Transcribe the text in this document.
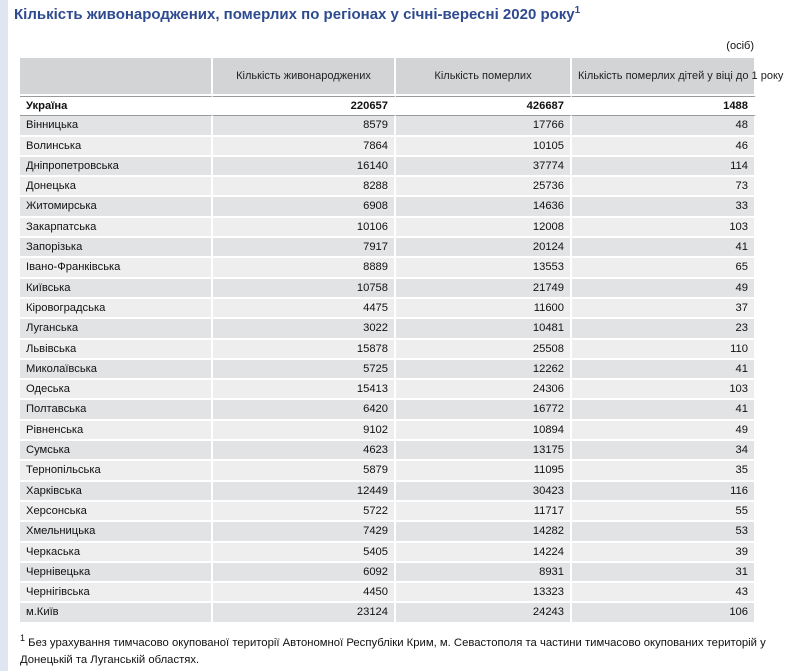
Кількість живонароджених, померлих по регіонах у січні-вересні 2020 року$^1$
(осіб)
	Кількість живонароджених	Кількість померлих	Кількість померлих дітей у віці до 1 року
Україна	220657	426687	1488
Вінницька	8579	17766	48
Волинська	7864	10105	46
Дніпропетровська	16140	37774	114
Донецька	8288	25736	73
Житомирська	6908	14636	33
Закарпатська	10106	12008	103
Запорізька	7917	20124	41
Івано-Франківська	8889	13553	65
Київська	10758	21749	49
Кіровоградська	4475	11600	37
Луганська	3022	10481	23
Львівська	15878	25508	110
Миколаївська	5725	12262	41
Одеська	15413	24306	103
Полтавська	6420	16772	41
Рівненська	9102	10894	49
Сумська	4623	13175	34
Тернопільська	5879	11095	35
Харківська	12449	30423	116
Херсонська	5722	11717	55
Хмельницька	7429	14282	53
Черкаська	5405	14224	39
Чернівецька	6092	8931	31
Чернігівська	4450	13323	43
м.Київ	23124	24243	106
$^1$ Без урахування тимчасово окупованої території Автономної Республіки Крим, м. Севастополя та частини тимчасово окупованих територій у Донецькій та Луганській областях.
